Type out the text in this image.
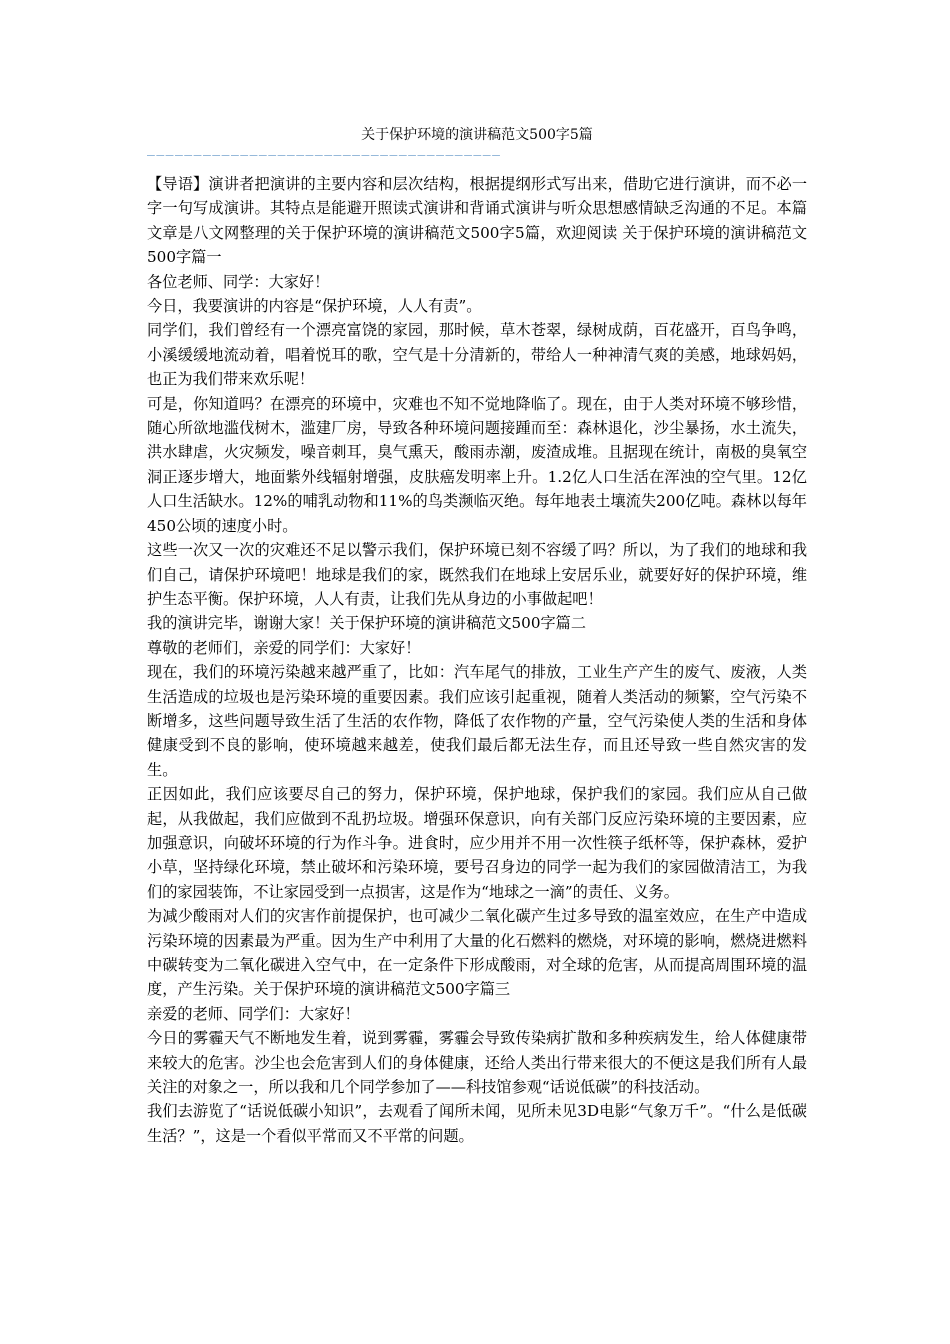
关于保护环境的演讲稿范文500字5篇
——————————————————————————————————————

【导语】演讲者把演讲的主要内容和层次结构，根据提纲形式写出来，借助它进行演讲，而不必一字一句写成演讲。其特点是能避开照读式演讲和背诵式演讲与听众思想感情缺乏沟通的不足。本篇文章是八文网整理的关于保护环境的演讲稿范文500字5篇，欢迎阅读 关于保护环境的演讲稿范文500字篇一

各位老师、同学：大家好！

今日，我要演讲的内容是“保护环境，人人有责”。

同学们，我们曾经有一个漂亮富饶的家园，那时候，草木苍翠，绿树成荫，百花盛开，百鸟争鸣，小溪缓缓地流动着，唱着悦耳的歌，空气是十分清新的，带给人一种神清气爽的美感，地球妈妈，也正为我们带来欢乐呢！

可是，你知道吗？在漂亮的环境中，灾难也不知不觉地降临了。现在，由于人类对环境不够珍惜，随心所欲地滥伐树木，滥建厂房，导致各种环境问题接踵而至：森林退化，沙尘暴扬，水土流失，洪水肆虐，火灾频发，噪音刺耳，臭气熏天，酸雨赤潮，废渣成堆。且据现在统计，南极的臭氧空洞正逐步增大，地面紫外线辐射增强，皮肤癌发明率上升。1.2亿人口生活在浑浊的空气里。12亿人口生活缺水。12%的哺乳动物和11%的鸟类濒临灭绝。每年地表土壤流失200亿吨。森林以每年450公顷的速度小时。

这些一次又一次的灾难还不足以警示我们，保护环境已刻不容缓了吗？所以，为了我们的地球和我们自己，请保护环境吧！地球是我们的家，既然我们在地球上安居乐业，就要好好的保护环境，维护生态平衡。保护环境，人人有责，让我们先从身边的小事做起吧！

我的演讲完毕，谢谢大家！关于保护环境的演讲稿范文500字篇二

尊敬的老师们，亲爱的同学们：大家好！

现在，我们的环境污染越来越严重了，比如：汽车尾气的排放，工业生产产生的废气、废液，人类生活造成的垃圾也是污染环境的重要因素。我们应该引起重视，随着人类活动的频繁，空气污染不断增多，这些问题导致生活了生活的农作物，降低了农作物的产量，空气污染使人类的生活和身体健康受到不良的影响，使环境越来越差，使我们最后都无法生存，而且还导致一些自然灾害的发生。

正因如此，我们应该要尽自己的努力，保护环境，保护地球，保护我们的家园。我们应从自己做起，从我做起，我们应做到不乱扔垃圾。增强环保意识，向有关部门反应污染环境的主要因素，应加强意识，向破坏环境的行为作斗争。进食时，应少用并不用一次性筷子纸杯等，保护森林，爱护小草，坚持绿化环境，禁止破坏和污染环境，要号召身边的同学一起为我们的家园做清洁工，为我们的家园装饰，不让家园受到一点损害，这是作为“地球之一滴”的责任、义务。

为减少酸雨对人们的灾害作前提保护，也可减少二氧化碳产生过多导致的温室效应，在生产中造成污染环境的因素最为严重。因为生产中利用了大量的化石燃料的燃烧，对环境的影响，燃烧进燃料中碳转变为二氧化碳进入空气中，在一定条件下形成酸雨，对全球的危害，从而提高周围环境的温度，产生污染。关于保护环境的演讲稿范文500字篇三

亲爱的老师、同学们：大家好！

今日的雾霾天气不断地发生着，说到雾霾，雾霾会导致传染病扩散和多种疾病发生，给人体健康带来较大的危害。沙尘也会危害到人们的身体健康，还给人类出行带来很大的不便这是我们所有人最关注的对象之一，所以我和几个同学参加了——科技馆参观“话说低碳”的科技活动。

我们去游览了“话说低碳小知识”，去观看了闻所未闻，见所未见3D电影“气象万千”。“什么是低碳生活？”，这是一个看似平常而又不平常的问题。
